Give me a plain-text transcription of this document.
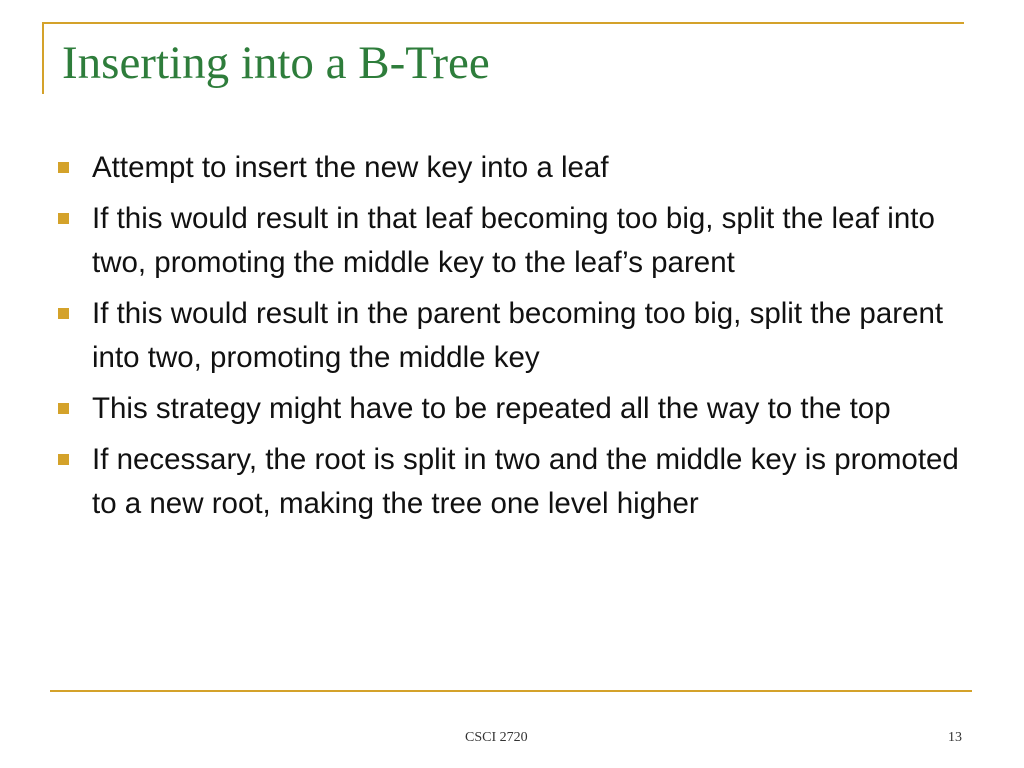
Inserting into a B-Tree
Attempt to insert the new key into a leaf
If this would result in that leaf becoming too big, split the leaf into two, promoting the middle key to the leaf’s parent
If this would result in the parent becoming too big, split the parent into two, promoting the middle key
This strategy might have to be repeated all the way to the top
If necessary, the root is split in two and the middle key is promoted to a new root, making the tree one level higher
CSCI 2720	13
